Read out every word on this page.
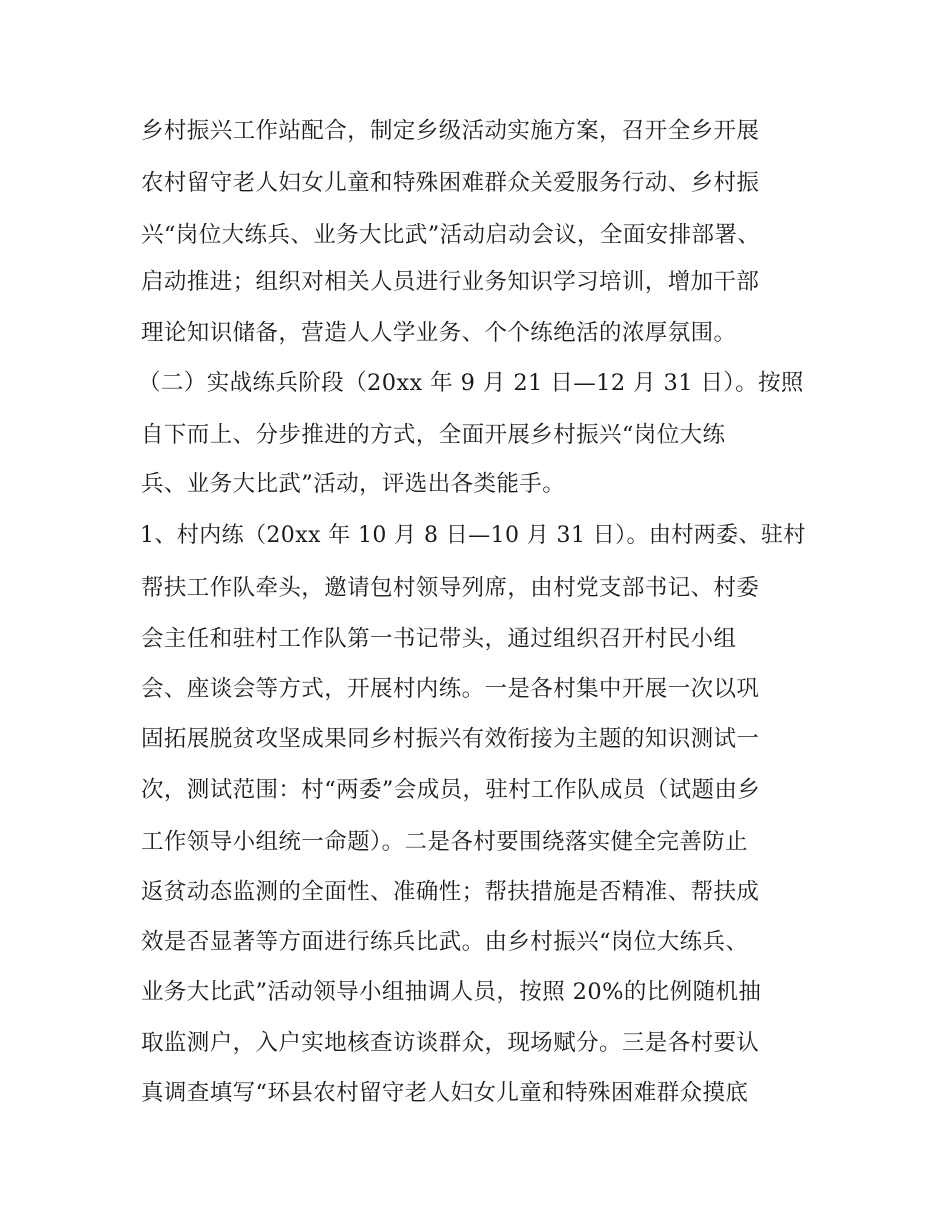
乡村振兴工作站配合，制定乡级活动实施方案，召开全乡开展
农村留守老人妇女儿童和特殊困难群众关爱服务行动、乡村振
兴“岗位大练兵、业务大比武”活动启动会议，全面安排部署、
启动推进；组织对相关人员进行业务知识学习培训，增加干部
理论知识储备，营造人人学业务、个个练绝活的浓厚氛围。
（二）实战练兵阶段（20xx 年 9 月 21 日—12 月 31 日）。按照
自下而上、分步推进的方式，全面开展乡村振兴“岗位大练
兵、业务大比武”活动，评选出各类能手。
1、村内练（20xx 年 10 月 8 日—10 月 31 日）。由村两委、驻村
帮扶工作队牵头，邀请包村领导列席，由村党支部书记、村委
会主任和驻村工作队第一书记带头，通过组织召开村民小组
会、座谈会等方式，开展村内练。一是各村集中开展一次以巩
固拓展脱贫攻坚成果同乡村振兴有效衔接为主题的知识测试一
次，测试范围：村“两委”会成员，驻村工作队成员（试题由乡
工作领导小组统一命题）。二是各村要围绕落实健全完善防止
返贫动态监测的全面性、准确性；帮扶措施是否精准、帮扶成
效是否显著等方面进行练兵比武。由乡村振兴“岗位大练兵、
业务大比武”活动领导小组抽调人员，按照 20%的比例随机抽
取监测户，入户实地核查访谈群众，现场赋分。三是各村要认
真调查填写“环县农村留守老人妇女儿童和特殊困难群众摸底
